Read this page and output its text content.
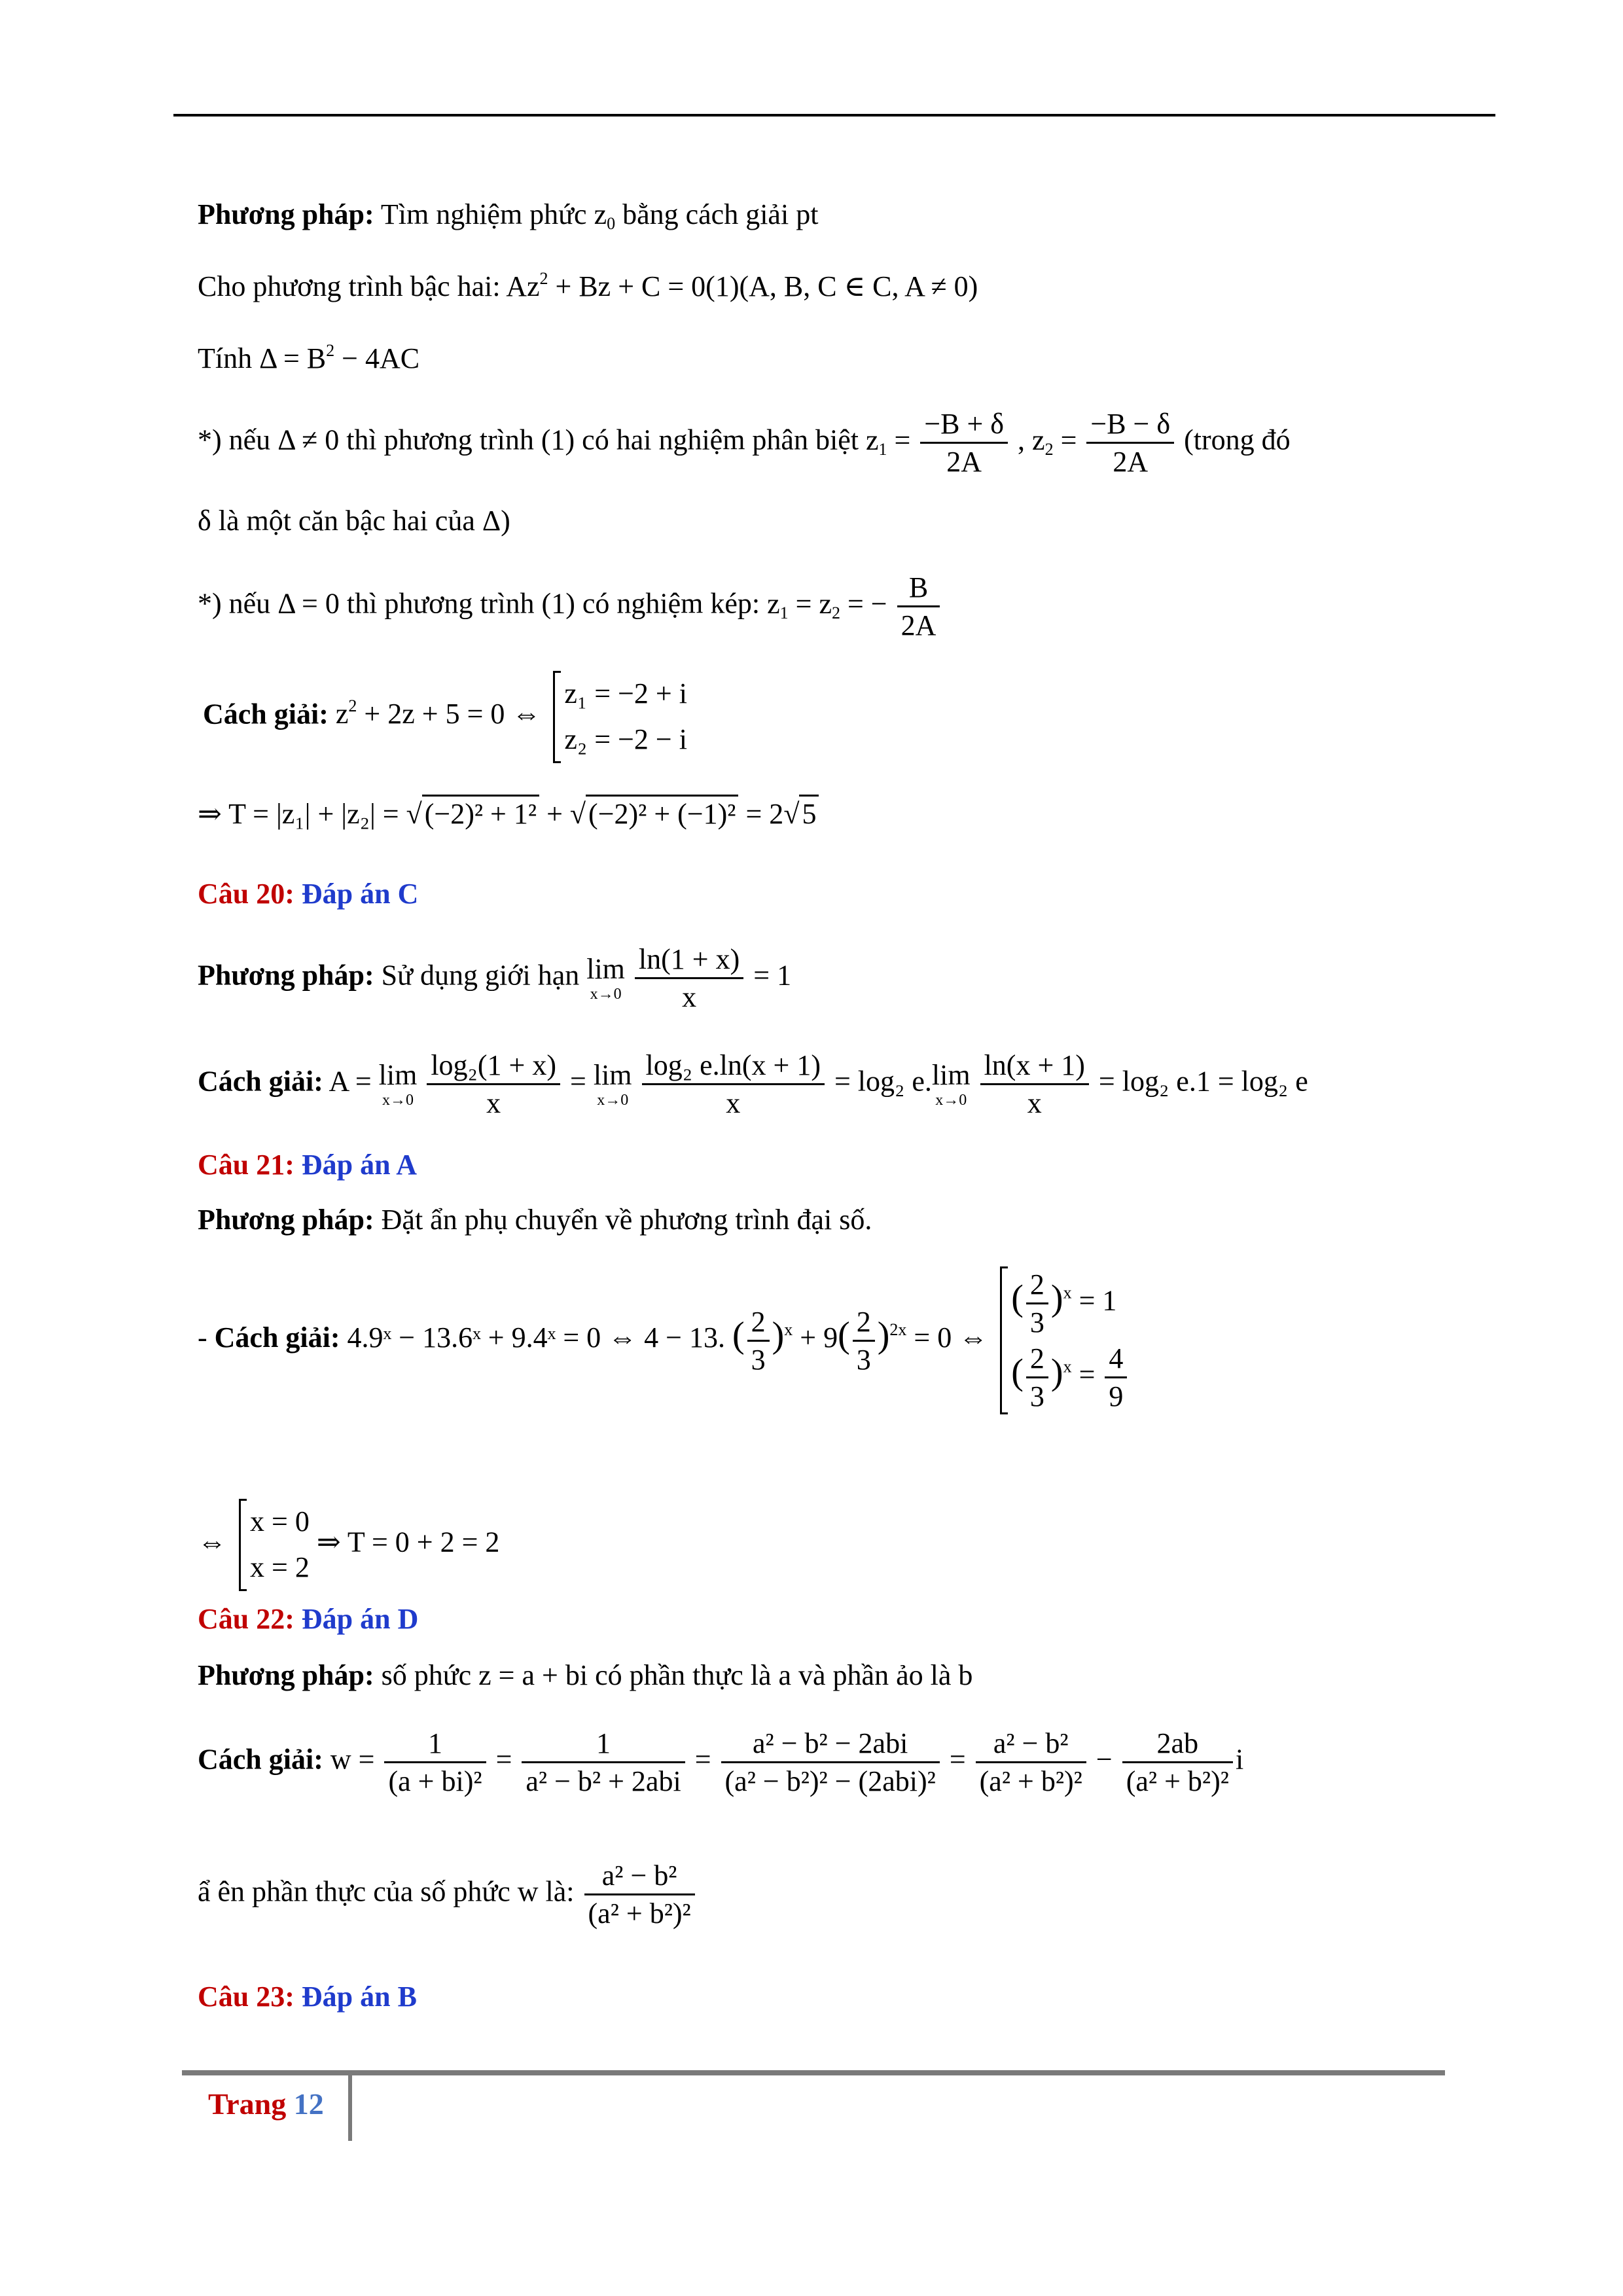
Phương pháp: Tìm nghiệm phức $z_0$ bằng cách giải pt
Cho phương trình bậc hai: $Az^2 + Bz + C = 0(1)(A$, B, C ∈ C, A ≠ 0)
Tính $\Delta = B^2 - 4AC$
*) nếu Δ ≠ 0 thì phương trình (1) có hai nghiệm phân biệt $z_1 = \frac{-B + \delta}{2A}$ , $z_2 = \frac{-B - \delta}{2A}$ (trong đó
δ là một căn bậc hai của Δ)
*) nếu Δ = 0 thì phương trình (1) có nghiệm kép: $z_1 = z_2$ = − $\frac{B}{2A}$
Cách giải: $z^2 + 2z + 5 = 0$ ⇔
z₁ = −2 + i
z₂ = −2 − i
⇒ T = |z₁| + |z₂| = √(−2)² + 1² + √(−2)² + (−1)² = 2√5
Câu 20: Đáp án C
Phương pháp: Sử dụng giới hạn lim
x→0
$\frac{\ln(1 + x)}{x} = 1$
Cách giải: A = lim
x→0
$\frac{\text{log₂(1 + x)}}{x} = \lim$
x→0
$\frac{\text{log₂ e.ln(x + 1)}}{x} = \log_2$ e. lim
x→0
$\frac{\ln(x + 1)}{x} = \log_2$ e.1 = log₂ e
Câu 21: Đáp án A
Phương pháp: Đặt ẩn phụ chuyển về phương trình đại số.
- Cách giải: 4.9ˣ − 13.6ˣ + 9.4ˣ = 0 ⇔ 4 − 13. ( $\frac{2}{3} )^x + 9( \frac{2}{3} )^{2x} = 0$ ⇔
( $\frac{2}{3} )^x = 1$
( $\frac{2}{3} )^x = \frac{4}{9}$
⇔
x = 0
x = 2
⇒ T = 0 + 2 = 2
Câu 22: Đáp án D
Phương pháp: số phức z = a + bi có phần thực là a và phần ảo là b
Cách giải: $w = \frac{1}{\text{(a + bi)²}} = \frac{1}{\text{a² − b² + 2abi}} = \frac{\text{a² − b² − 2abi}}{\text{(a² − b²)² − (2abi)²}} = \frac{\text{a² − b²}}{\text{(a² + b²)²}} - \frac{2ab}{\text{(a² + b²)²}}$ i
ẩ ên phần thực của số phức w là: $\frac{\text{a² − b²}}{\text{(a² + b²)²}}$
Câu 23: Đáp án B
Trang 12
